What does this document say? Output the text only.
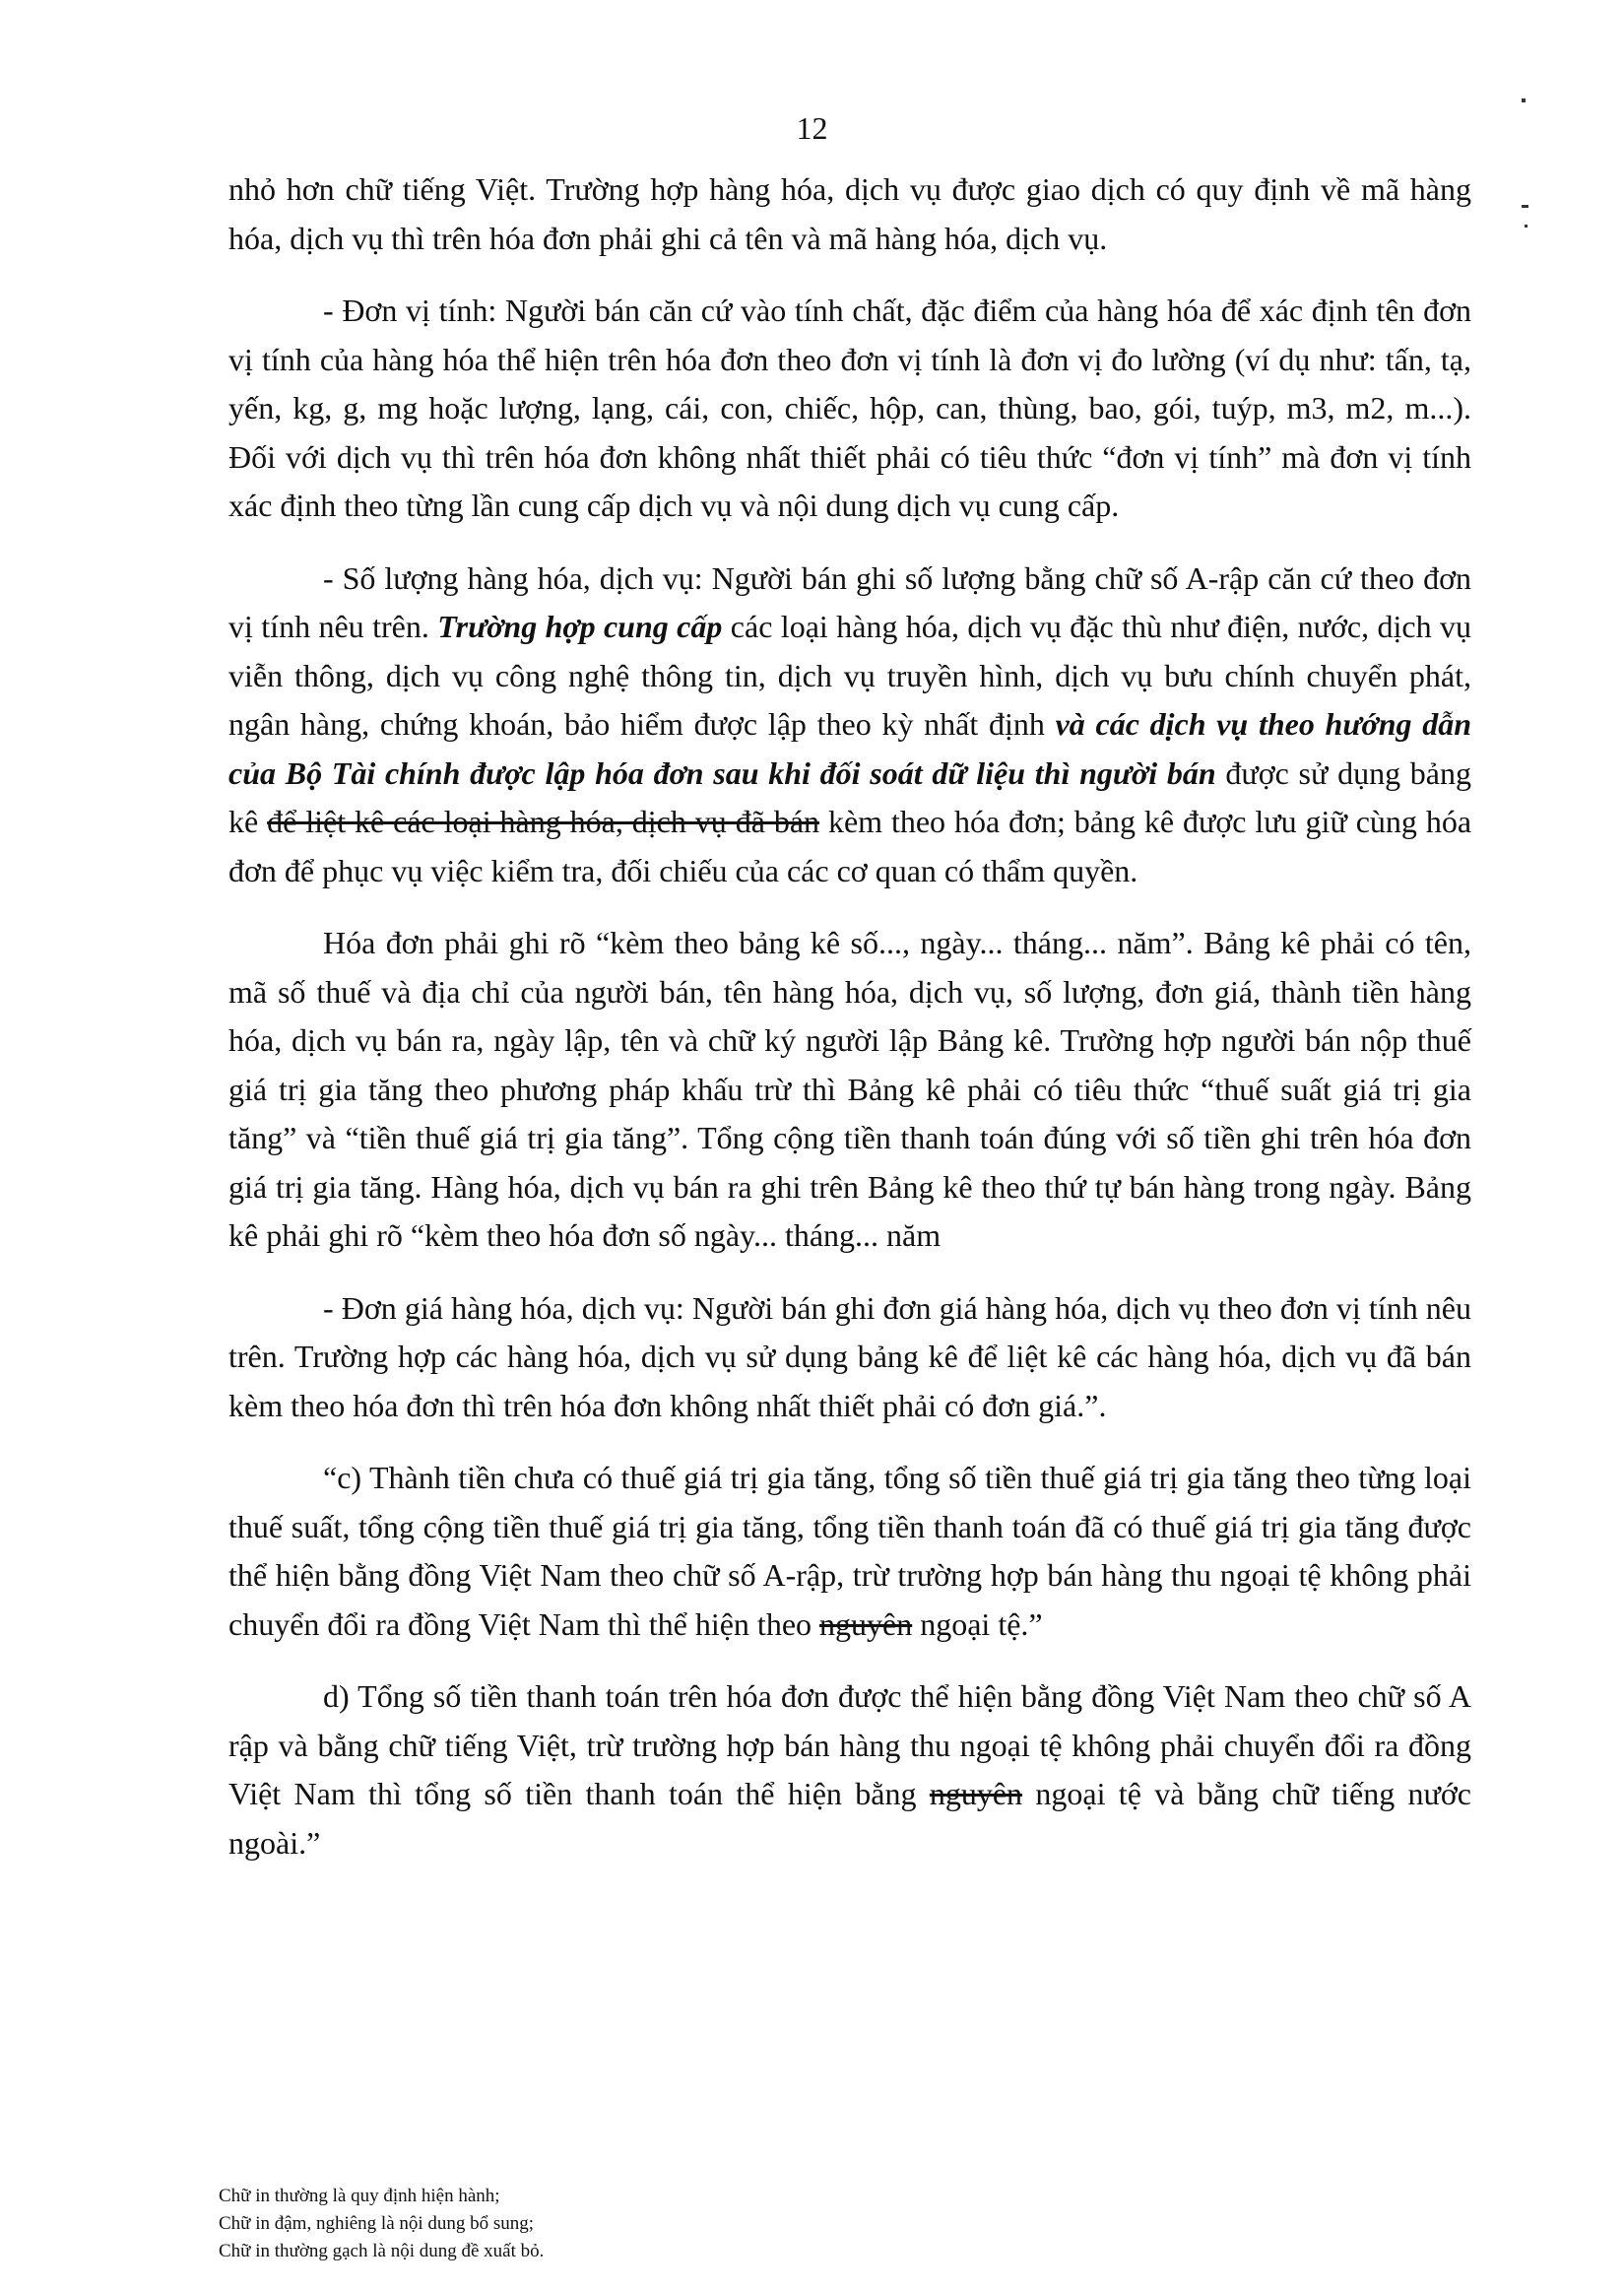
12

nhỏ hơn chữ tiếng Việt. Trường hợp hàng hóa, dịch vụ được giao dịch có quy định về mã hàng hóa, dịch vụ thì trên hóa đơn phải ghi cả tên và mã hàng hóa, dịch vụ.

- Đơn vị tính: Người bán căn cứ vào tính chất, đặc điểm của hàng hóa để xác định tên đơn vị tính của hàng hóa thể hiện trên hóa đơn theo đơn vị tính là đơn vị đo lường (ví dụ như: tấn, tạ, yến, kg, g, mg hoặc lượng, lạng, cái, con, chiếc, hộp, can, thùng, bao, gói, tuýp, m3, m2, m...). Đối với dịch vụ thì trên hóa đơn không nhất thiết phải có tiêu thức “đơn vị tính” mà đơn vị tính xác định theo từng lần cung cấp dịch vụ và nội dung dịch vụ cung cấp.

- Số lượng hàng hóa, dịch vụ: Người bán ghi số lượng bằng chữ số A-rập căn cứ theo đơn vị tính nêu trên. Trường hợp cung cấp các loại hàng hóa, dịch vụ đặc thù như điện, nước, dịch vụ viễn thông, dịch vụ công nghệ thông tin, dịch vụ truyền hình, dịch vụ bưu chính chuyển phát, ngân hàng, chứng khoán, bảo hiểm được lập theo kỳ nhất định và các dịch vụ theo hướng dẫn của Bộ Tài chính được lập hóa đơn sau khi đối soát dữ liệu thì người bán được sử dụng bảng kê để liệt kê các loại hàng hóa, dịch vụ đã bán kèm theo hóa đơn; bảng kê được lưu giữ cùng hóa đơn để phục vụ việc kiểm tra, đối chiếu của các cơ quan có thẩm quyền.

Hóa đơn phải ghi rõ “kèm theo bảng kê số..., ngày... tháng... năm”. Bảng kê phải có tên, mã số thuế và địa chỉ của người bán, tên hàng hóa, dịch vụ, số lượng, đơn giá, thành tiền hàng hóa, dịch vụ bán ra, ngày lập, tên và chữ ký người lập Bảng kê. Trường hợp người bán nộp thuế giá trị gia tăng theo phương pháp khấu trừ thì Bảng kê phải có tiêu thức “thuế suất giá trị gia tăng” và “tiền thuế giá trị gia tăng”. Tổng cộng tiền thanh toán đúng với số tiền ghi trên hóa đơn giá trị gia tăng. Hàng hóa, dịch vụ bán ra ghi trên Bảng kê theo thứ tự bán hàng trong ngày. Bảng kê phải ghi rõ “kèm theo hóa đơn số ngày... tháng... năm

- Đơn giá hàng hóa, dịch vụ: Người bán ghi đơn giá hàng hóa, dịch vụ theo đơn vị tính nêu trên. Trường hợp các hàng hóa, dịch vụ sử dụng bảng kê để liệt kê các hàng hóa, dịch vụ đã bán kèm theo hóa đơn thì trên hóa đơn không nhất thiết phải có đơn giá.”.

“c) Thành tiền chưa có thuế giá trị gia tăng, tổng số tiền thuế giá trị gia tăng theo từng loại thuế suất, tổng cộng tiền thuế giá trị gia tăng, tổng tiền thanh toán đã có thuế giá trị gia tăng được thể hiện bằng đồng Việt Nam theo chữ số A-rập, trừ trường hợp bán hàng thu ngoại tệ không phải chuyển đổi ra đồng Việt Nam thì thể hiện theo nguyên ngoại tệ.”

d) Tổng số tiền thanh toán trên hóa đơn được thể hiện bằng đồng Việt Nam theo chữ số A rập và bằng chữ tiếng Việt, trừ trường hợp bán hàng thu ngoại tệ không phải chuyển đổi ra đồng Việt Nam thì tổng số tiền thanh toán thể hiện bằng nguyên ngoại tệ và bằng chữ tiếng nước ngoài.”

Chữ in thường là quy định hiện hành;
Chữ in đậm, nghiêng là nội dung bổ sung;
Chữ in thường gạch là nội dung đề xuất bỏ.
